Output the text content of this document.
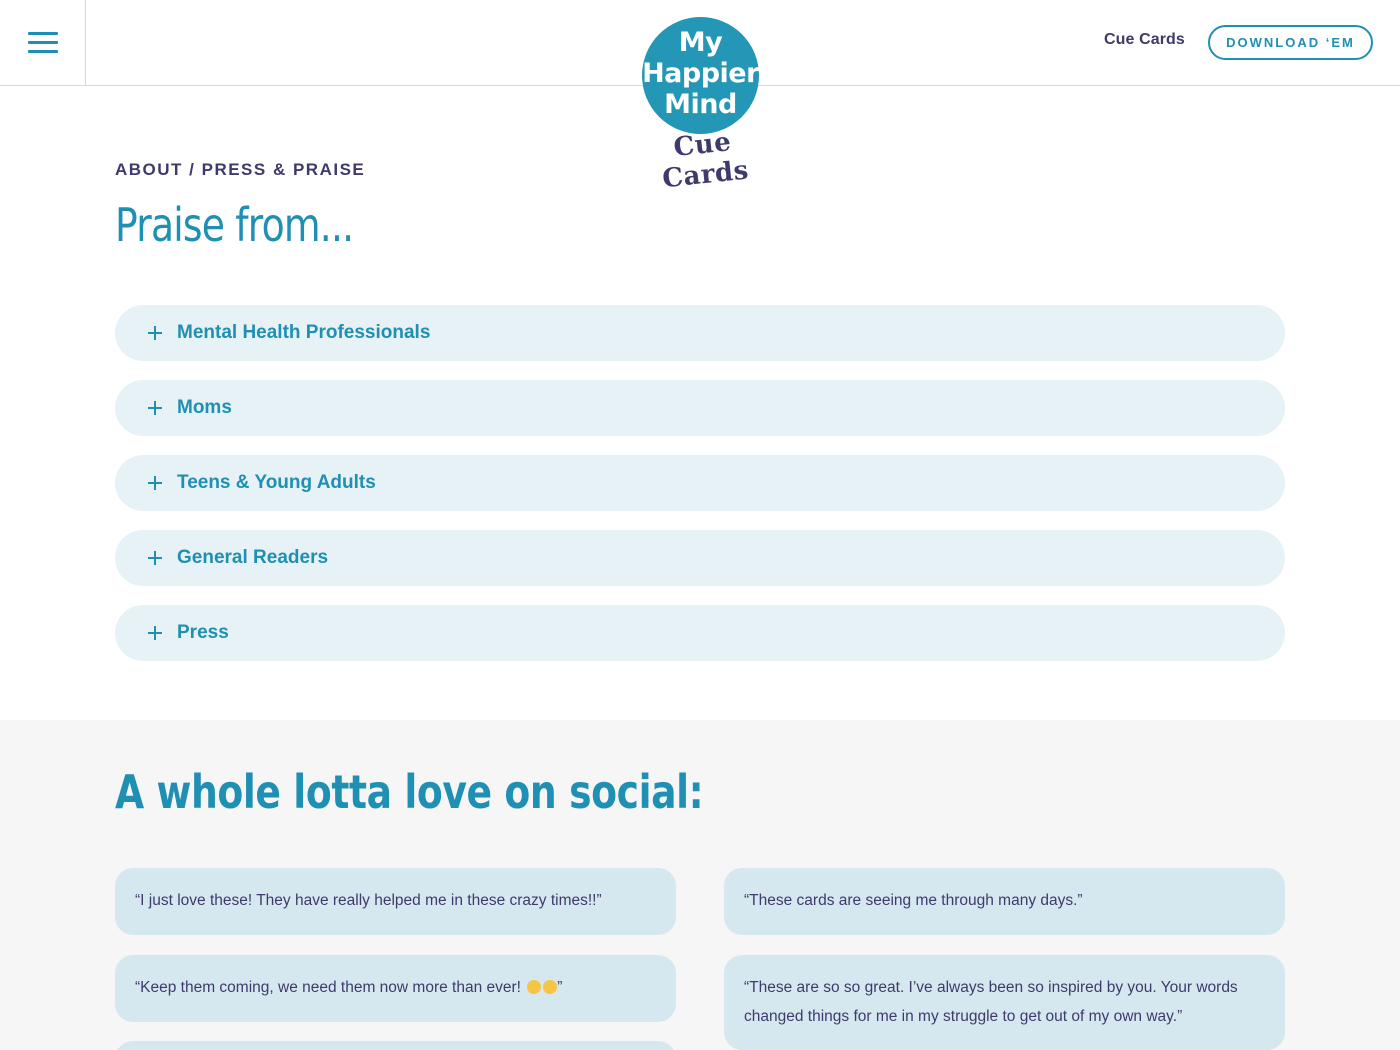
Cue Cards	DOWNLOAD ‘EM
My
Happier
Mind
Cue Cards
ABOUT / PRESS & PRAISE
Praise from...
Mental Health Professionals
Moms
Teens & Young Adults
General Readers
Press
A whole lotta love on social:
“I just love these! They have really helped me in these crazy times!!”	“These cards are seeing me through many days.”
“Keep them coming, we need them now more than ever! ”	“These are so so great. I’ve always been so inspired by you. Your words changed things for me in my struggle to get out of my own way.”
